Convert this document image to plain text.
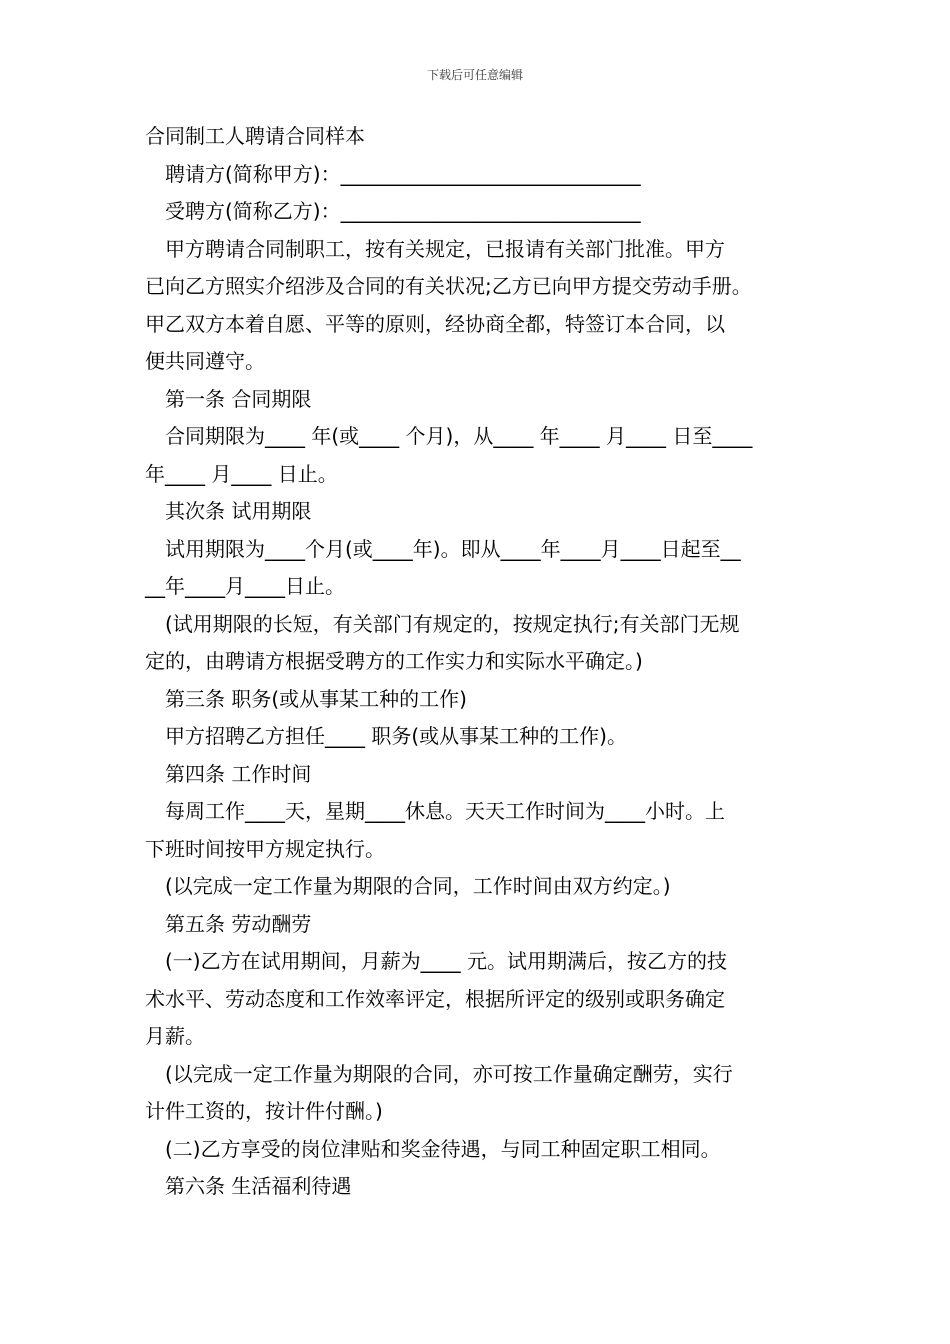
下载后可任意编辑
合同制工人聘请合同样本
聘请方(简称甲方)：______________________________
受聘方(简称乙方)：______________________________
甲方聘请合同制职工，按有关规定，已报请有关部门批准。甲方
已向乙方照实介绍涉及合同的有关状况;乙方已向甲方提交劳动手册。
甲乙双方本着自愿、平等的原则，经协商全都，特签订本合同，以
便共同遵守。
第一条 合同期限
合同期限为____ 年(或____ 个月)，从____ 年____ 月____ 日至____
年____ 月____ 日止。
其次条 试用期限
试用期限为____个月(或____年)。即从____年____月____日起至__
__年____月____日止。
(试用期限的长短，有关部门有规定的，按规定执行;有关部门无规
定的，由聘请方根据受聘方的工作实力和实际水平确定。)
第三条 职务(或从事某工种的工作)
甲方招聘乙方担任____ 职务(或从事某工种的工作)。
第四条 工作时间
每周工作____天，星期____休息。天天工作时间为____小时。上
下班时间按甲方规定执行。
(以完成一定工作量为期限的合同，工作时间由双方约定。)
第五条 劳动酬劳
(一)乙方在试用期间，月薪为____ 元。试用期满后，按乙方的技
术水平、劳动态度和工作效率评定，根据所评定的级别或职务确定
月薪。
(以完成一定工作量为期限的合同，亦可按工作量确定酬劳，实行
计件工资的，按计件付酬。)
(二)乙方享受的岗位津贴和奖金待遇，与同工种固定职工相同。
第六条 生活福利待遇
